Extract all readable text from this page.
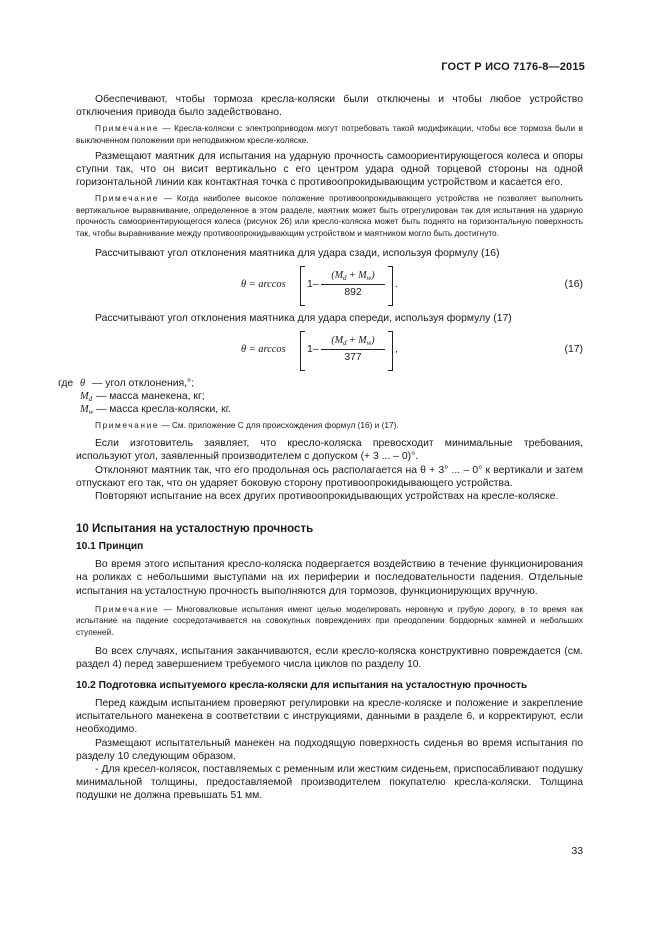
ГОСТ Р ИСО 7176-8—2015

Обеспечивают, чтобы тормоза кресла-коляски были отключены и чтобы любое устройство отключения привода было задействовано.

Примечание — Кресла-коляски с электроприводом могут потребовать такой модификации, чтобы все тормоза были в выключенном положении при неподвижном кресле-коляске.

Размещают маятник для испытания на ударную прочность самоориентирующегося колеса и опоры ступни так, что он висит вертикально с его центром удара одной торцевой стороны на одной горизонтальной линии как контактная точка с противоопрокидывающим устройством и касается его.

Примечание — Когда наиболее высокое положение противоопрокидывающего устройства не позволяет выполнить вертикальное выравнивание, определенное в этом разделе, маятник может быть отрегулирован так для испытания на ударную прочность самоориентирующегося колеса (рисунок 26) или кресло-коляска может быть поднято на горизонтальную поверхность так, чтобы выравнивание между противоопрокидывающим устройством и маятником могло быть достигнуто.

Рассчитывают угол отклонения маятника для удара сзади, используя формулу (16)

$\theta = \arccos 1- \frac{(M_d + M_w)}{892}$ .	(16)

Рассчитывают угол отклонения маятника для удара спереди, используя формулу (17)

$\theta = \arccos 1- \frac{(M_d + M_w)}{377}$ ,	(17)
где θ — угол отклонения,°;
$M_d$ — масса манекена, кг;
$M_w$ — масса кресла-коляски, кг.

Примечание — См. приложение С для происхождения формул (16) и (17).

Если изготовитель заявляет, что кресло-коляска превосходит минимальные требования, используют угол, заявленный производителем с допуском (+ 3 ... – 0)°.

Отклоняют маятник так, что его продольная ось располагается на θ + 3° ... – 0° к вертикали и затем отпускают его так, что он ударяет боковую сторону противоопрокидывающего устройства.

Повторяют испытание на всех других противоопрокидывающих устройствах на кресле-коляске.

10 Испытания на усталостную прочность
10.1 Принцип

Во время этого испытания кресло-коляска подвергается воздействию в течение функционирования на роликах с небольшими выступами на их периферии и последовательности падения. Отдельные испытания на усталостную прочность выполняются для тормозов, функционирующих вручную.

Примечание — Многовалковые испытания имеют целью моделировать неровную и грубую дорогу, в то время как испытание на падение сосредотачивается на совокупных повреждениях при преодолении бордюрных камней и небольших ступеней.

Во всех случаях, испытания заканчиваются, если кресло-коляска конструктивно повреждается (см. раздел 4) перед завершением требуемого числа циклов по разделу 10.

10.2 Подготовка испытуемого кресла-коляски для испытания на усталостную прочность

Перед каждым испытанием проверяют регулировки на кресле-коляске и положение и закрепление испытательного манекена в соответствии с инструкциями, данными в разделе 6, и корректируют, если необходимо.

Размещают испытательный манекен на подходящую поверхность сиденья во время испытания по разделу 10 следующим образом.

- Для кресел-колясок, поставляемых с ременным или жестким сиденьем, приспосабливают подушку минимальной толщины, предоставляемой производителем покупателю кресла-коляски. Толщина подушки не должна превышать 51 мм.

33
